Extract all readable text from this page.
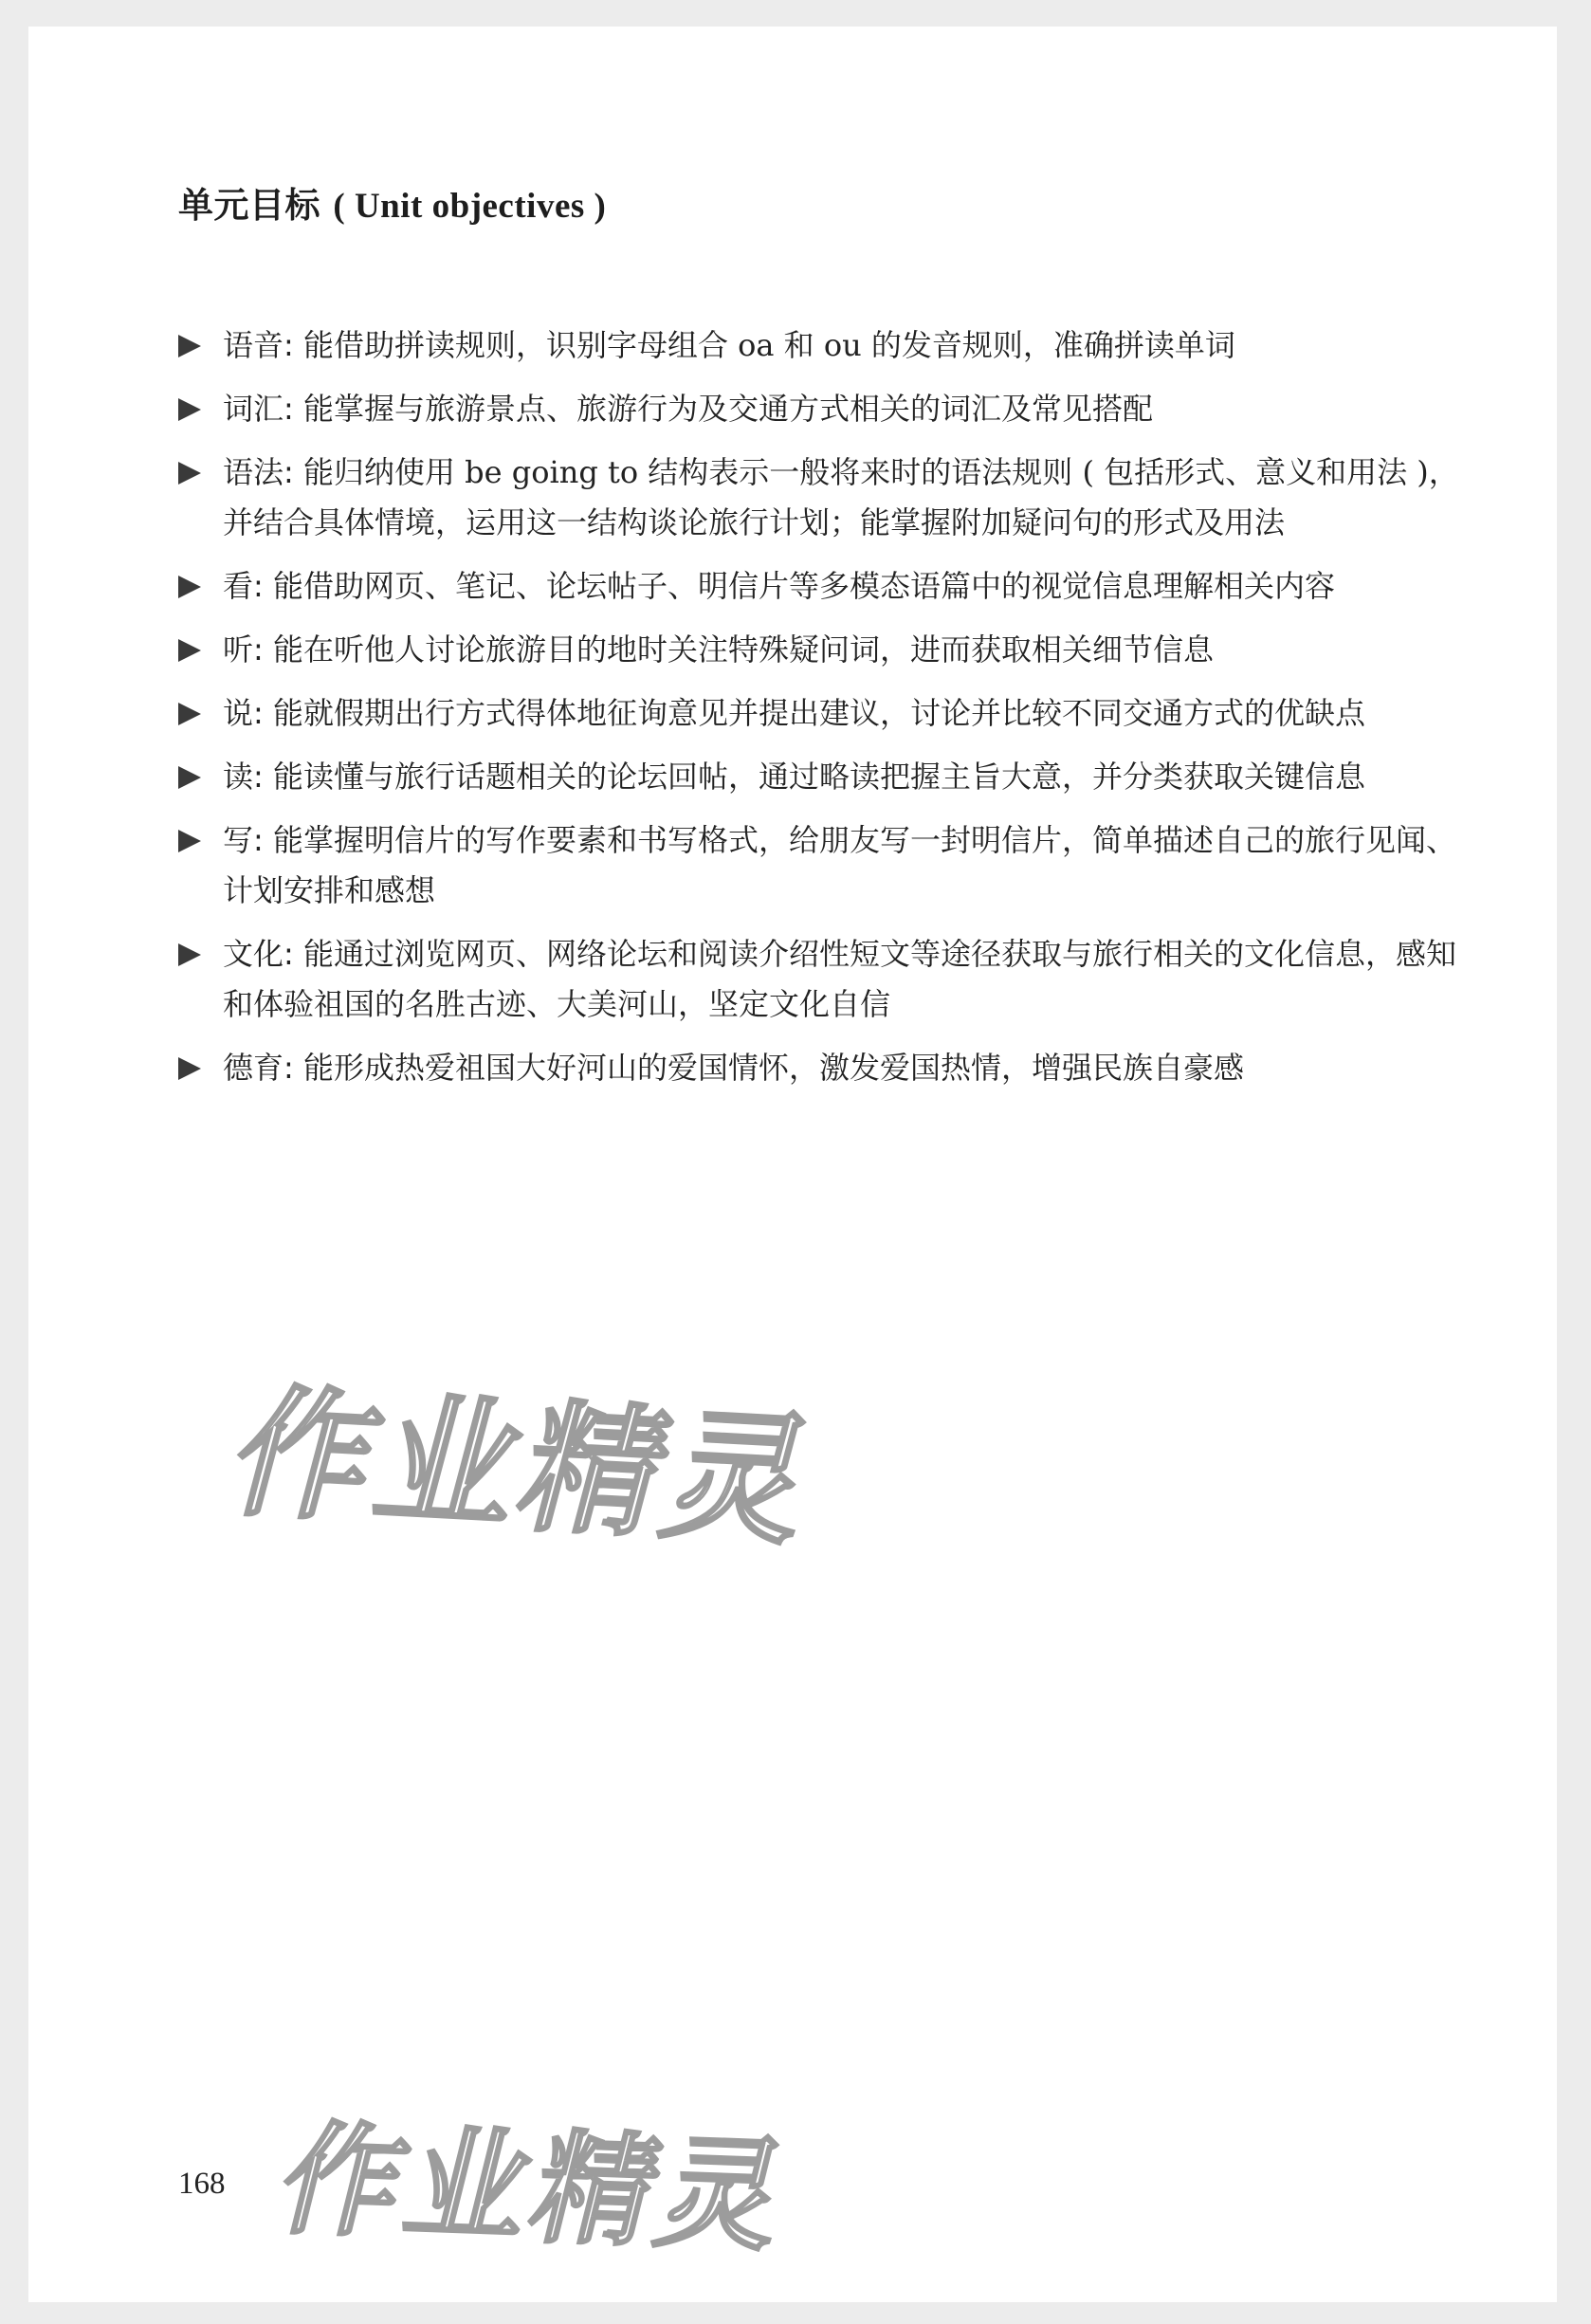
单元目标 ( Unit objectives )
语音: 能借助拼读规则，识别字母组合 oa 和 ou 的发音规则，准确拼读单词
词汇: 能掌握与旅游景点、旅游行为及交通方式相关的词汇及常见搭配
语法: 能归纳使用 be going to 结构表示一般将来时的语法规则 ( 包括形式、意义和用法 )，并结合具体情境，运用这一结构谈论旅行计划；能掌握附加疑问句的形式及用法
看: 能借助网页、笔记、论坛帖子、明信片等多模态语篇中的视觉信息理解相关内容
听: 能在听他人讨论旅游目的地时关注特殊疑问词，进而获取相关细节信息
说: 能就假期出行方式得体地征询意见并提出建议，讨论并比较不同交通方式的优缺点
读: 能读懂与旅行话题相关的论坛回帖，通过略读把握主旨大意，并分类获取关键信息
写: 能掌握明信片的写作要素和书写格式，给朋友写一封明信片，简单描述自己的旅行见闻、计划安排和感想
文化: 能通过浏览网页、网络论坛和阅读介绍性短文等途径获取与旅行相关的文化信息，感知和体验祖国的名胜古迹、大美河山，坚定文化自信
德育: 能形成热爱祖国大好河山的爱国情怀，激发爱国热情，增强民族自豪感
作业精灵
168 作业精灵
